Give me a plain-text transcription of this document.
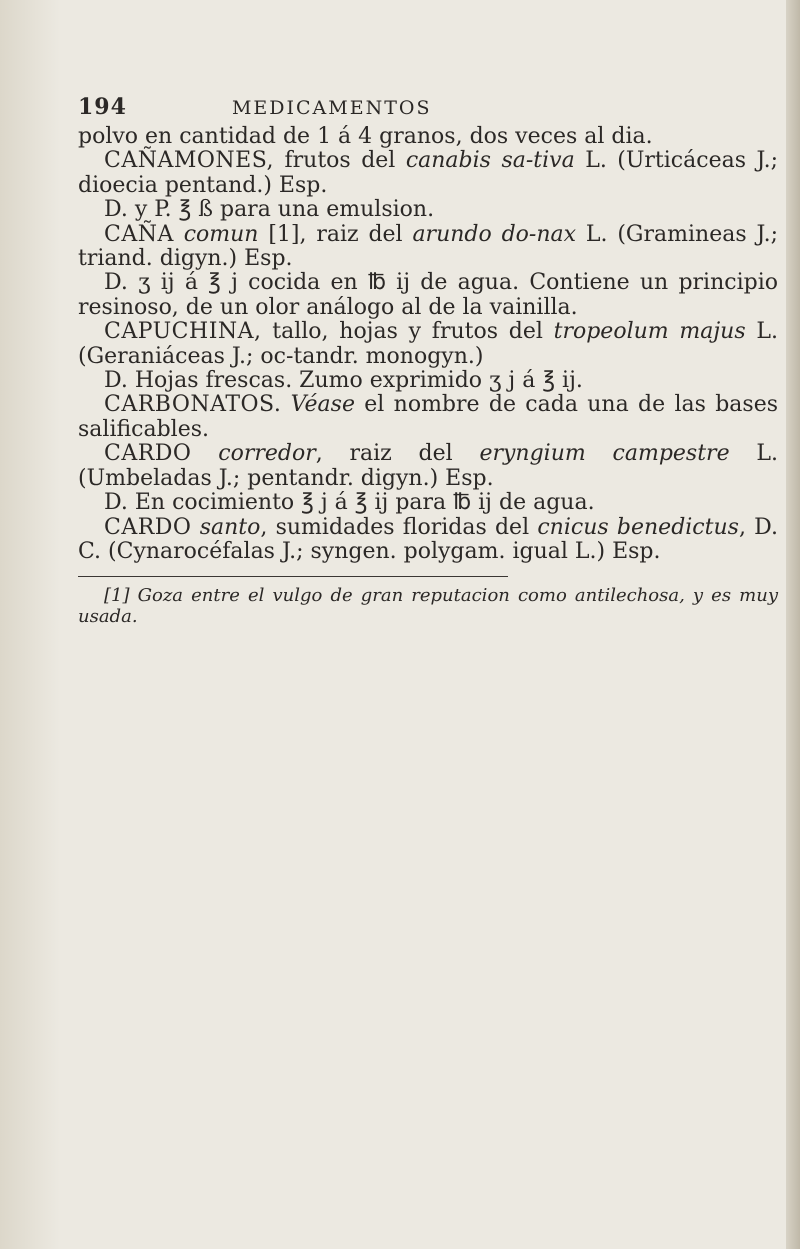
194	MEDICAMENTOS

polvo en cantidad de 1 á 4 granos, dos veces al dia.

CAÑAMONES, frutos del canabis sa-tiva L. (Urticáceas J.; dioecia pentand.) Esp.

D. y P. ℥ ß para una emulsion.

CAÑA comun [1], raiz del arundo do-nax L. (Gramineas J.; triand. digyn.) Esp.

D. ʒ ij á ℥ j cocida en ℔ ij de agua. Contiene un principio resinoso, de un olor análogo al de la vainilla.

CAPUCHINA, tallo, hojas y frutos del tropeolum majus L. (Geraniáceas J.; oc-tandr. monogyn.)

D. Hojas frescas. Zumo exprimido ʒ j á ℥ ij.

CARBONATOS. Véase el nombre de cada una de las bases salificables.

CARDO corredor, raiz del eryngium campestre L. (Umbeladas J.; pentandr. digyn.) Esp.

D. En cocimiento ℥ j á ℥ ij para ℔ ij de agua.

CARDO santo, sumidades floridas del cnicus benedictus, D. C. (Cynarocéfalas J.; syngen. polygam. igual L.) Esp.

[1] Goza entre el vulgo de gran reputacion como antilechosa, y es muy usada.
